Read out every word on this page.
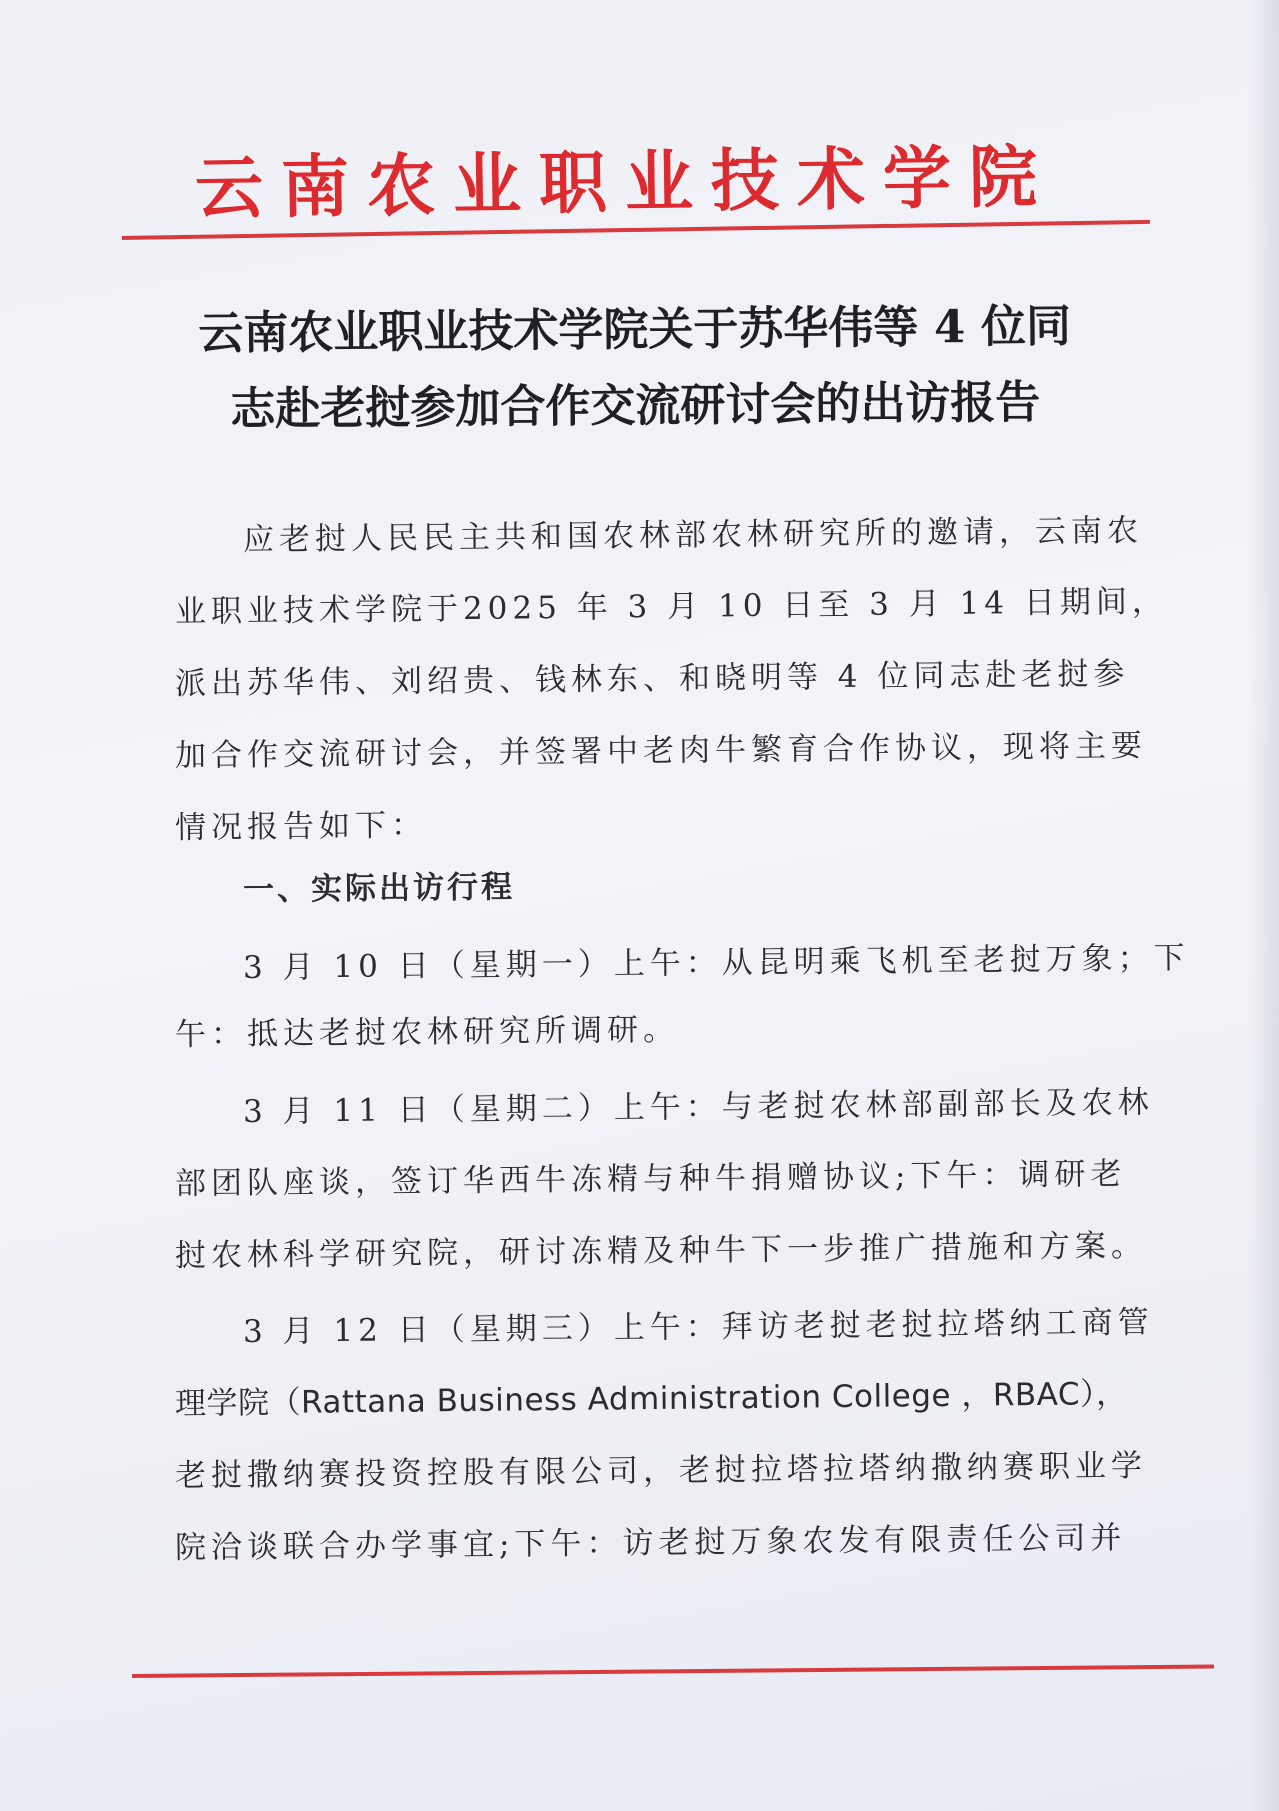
云南农业职业技术学院
云南农业职业技术学院关于苏华伟等 4 位同
志赴老挝参加合作交流研讨会的出访报告
应老挝人民民主共和国农林部农林研究所的邀请，云南农
业职业技术学院于2025 年 3 月 10 日至 3 月 14 日期间，
派出苏华伟、刘绍贵、钱林东、和晓明等 4 位同志赴老挝参
加合作交流研讨会，并签署中老肉牛繁育合作协议，现将主要
情况报告如下：
一、实际出访行程
3 月 10 日（星期一）上午：从昆明乘飞机至老挝万象；下
午：抵达老挝农林研究所调研。
3 月 11 日（星期二）上午：与老挝农林部副部长及农林
部团队座谈，签订华西牛冻精与种牛捐赠协议;下午：调研老
挝农林科学研究院，研讨冻精及种牛下一步推广措施和方案。
3 月 12 日（星期三）上午：拜访老挝老挝拉塔纳工商管
理学院（Rattana Business Administration College ，RBAC），
老挝撒纳赛投资控股有限公司，老挝拉塔拉塔纳撒纳赛职业学
院洽谈联合办学事宜;下午：访老挝万象农发有限责任公司并
